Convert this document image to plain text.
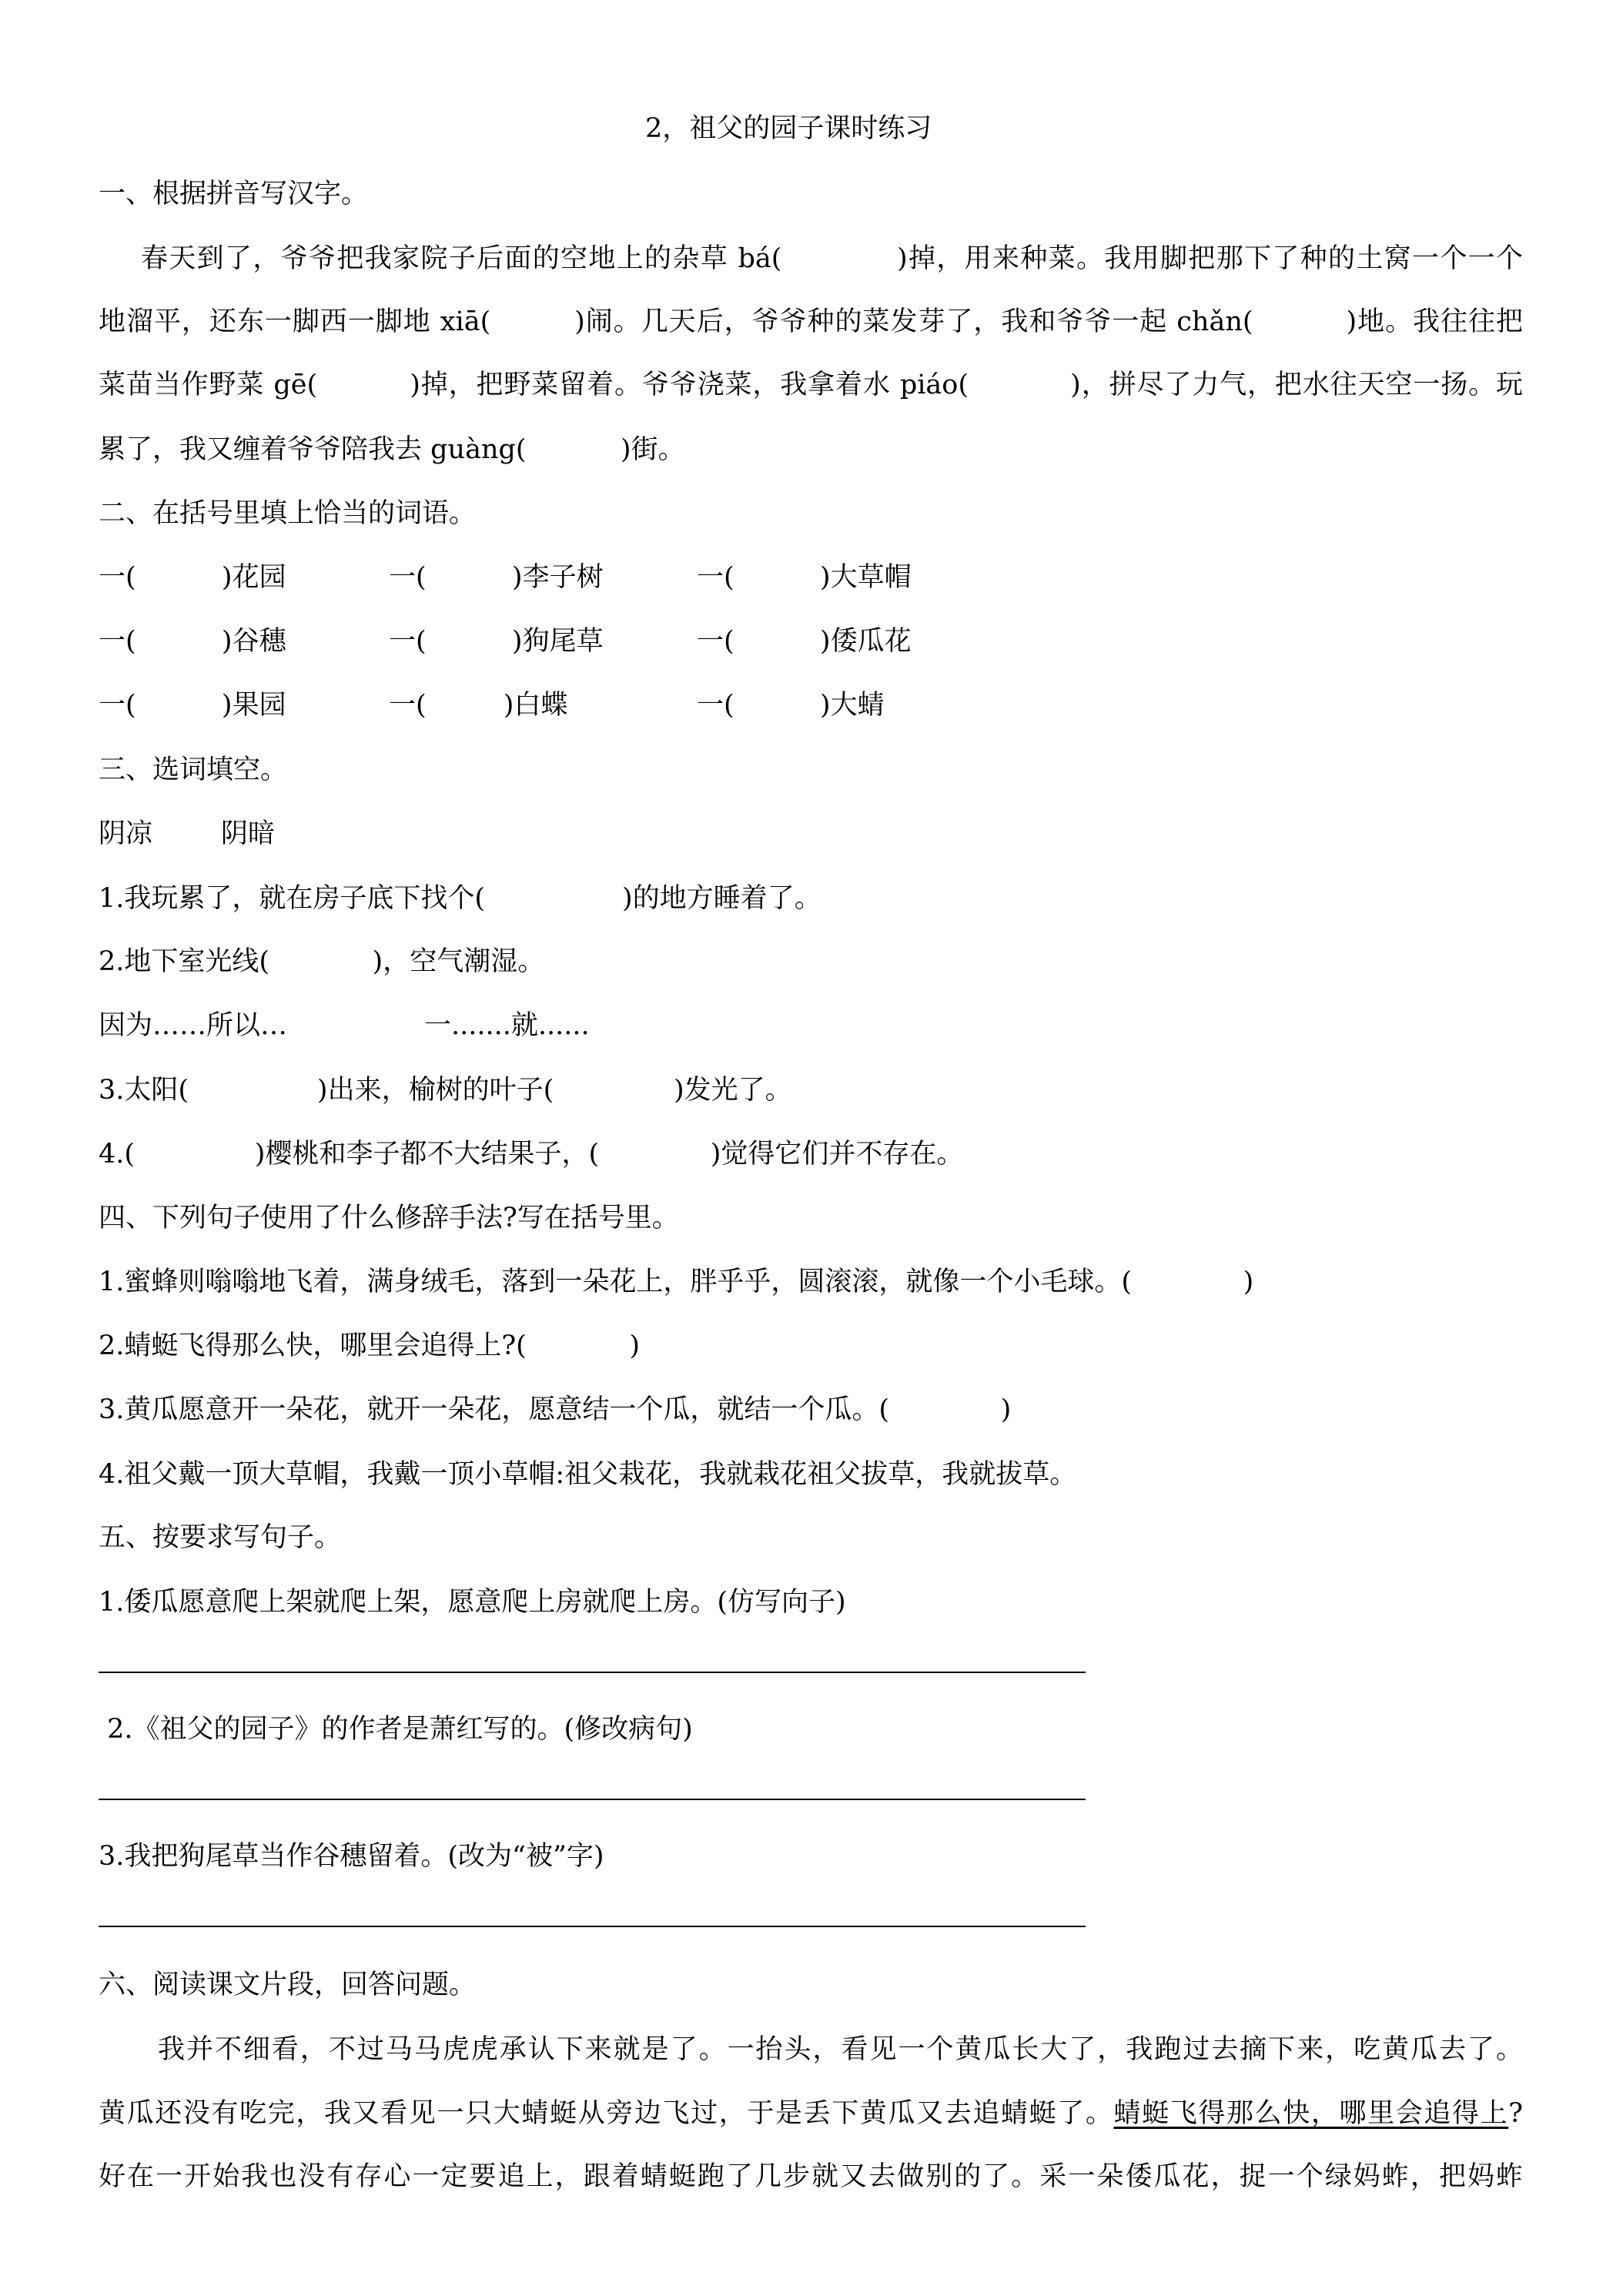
2，祖父的园子课时练习
一、根据拼音写汉字。
春天到了，爷爷把我家院子后面的空地上的杂草 bá(            )掉，用来种菜。我用脚把那下了种的土窝一个一个
地溜平，还东一脚西一脚地 xiā(         )闹。几天后，爷爷种的菜发芽了，我和爷爷一起 chǎn(          )地。我往往把
菜苗当作野菜 gē(          )掉，把野菜留着。爷爷浇菜，我拿着水 piáo(           )，拼尽了力气，把水往天空一扬。玩
累了，我又缠着爷爷陪我去 guàng(           )街。
二、在括号里填上恰当的词语。
一(          )花园	一(          )李子树	一(          )大草帽
一(          )谷穗	一(          )狗尾草	一(          )倭瓜花
一(          )果园	一(         )白蝶	一(          )大蜻
三、选词填空。
阴凉        阴暗
1.我玩累了，就在房子底下找个(                )的地方睡着了。
2.地下室光线(            )，空气潮湿。
因为……所以…                一.......就......
3.太阳(               )出来，榆树的叶子(              )发光了。
4.(              )樱桃和李子都不大结果子，(             )觉得它们并不存在。
四、下列句子使用了什么修辞手法?写在括号里。
1.蜜蜂则嗡嗡地飞着，满身绒毛，落到一朵花上，胖乎乎，圆滚滚，就像一个小毛球。(             )
2.蜻蜓飞得那么快，哪里会追得上?(            )
3.黄瓜愿意开一朵花，就开一朵花，愿意结一个瓜，就结一个瓜。(             )
4.祖父戴一顶大草帽，我戴一顶小草帽:祖父栽花，我就栽花祖父拔草，我就拔草。
五、按要求写句子。
1.倭瓜愿意爬上架就爬上架，愿意爬上房就爬上房。(仿写向子)
2.《祖父的园子》的作者是萧红写的。(修改病句)
3.我把狗尾草当作谷穗留着。(改为“被”字)
六、阅读课文片段，回答问题。
我并不细看，不过马马虎虎承认下来就是了。一抬头，看见一个黄瓜长大了，我跑过去摘下来，吃黄瓜去了。
黄瓜还没有吃完，我又看见一只大蜻蜓从旁边飞过，于是丢下黄瓜又去追蜻蜓了。蜻蜓飞得那么快，哪里会追得上?
好在一开始我也没有存心一定要追上，跟着蜻蜓跑了几步就又去做别的了。采一朵倭瓜花，捉一个绿妈蚱，把妈蚱
